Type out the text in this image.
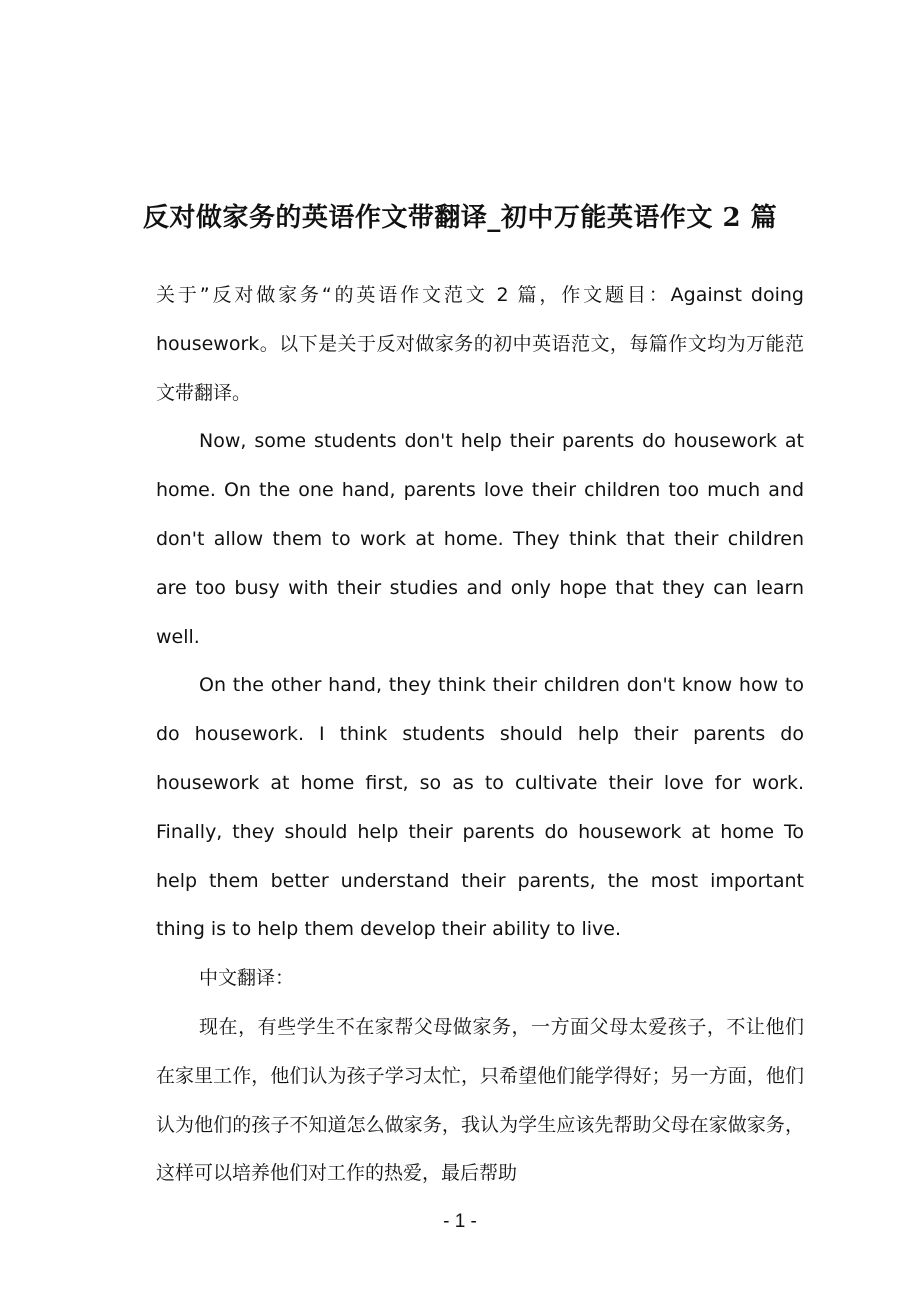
反对做家务的英语作文带翻译_初中万能英语作文 2 篇

关于”反对做家务“的英语作文范文 2 篇，作文题目：Against doing housework。以下是关于反对做家务的初中英语范文，每篇作文均为万能范文带翻译。

Now, some students don't help their parents do housework at home. On the one hand, parents love their children too much and don't allow them to work at home. They think that their children are too busy with their studies and only hope that they can learn well.

On the other hand, they think their children don't know how to do housework. I think students should help their parents do housework at home first, so as to cultivate their love for work. Finally, they should help their parents do housework at home To help them better understand their parents, the most important thing is to help them develop their ability to live.

中文翻译：

现在，有些学生不在家帮父母做家务，一方面父母太爱孩子，不让他们在家里工作，他们认为孩子学习太忙，只希望他们能学得好；另一方面，他们认为他们的孩子不知道怎么做家务，我认为学生应该先帮助父母在家做家务，这样可以培养他们对工作的热爱，最后帮助

- 1 -
